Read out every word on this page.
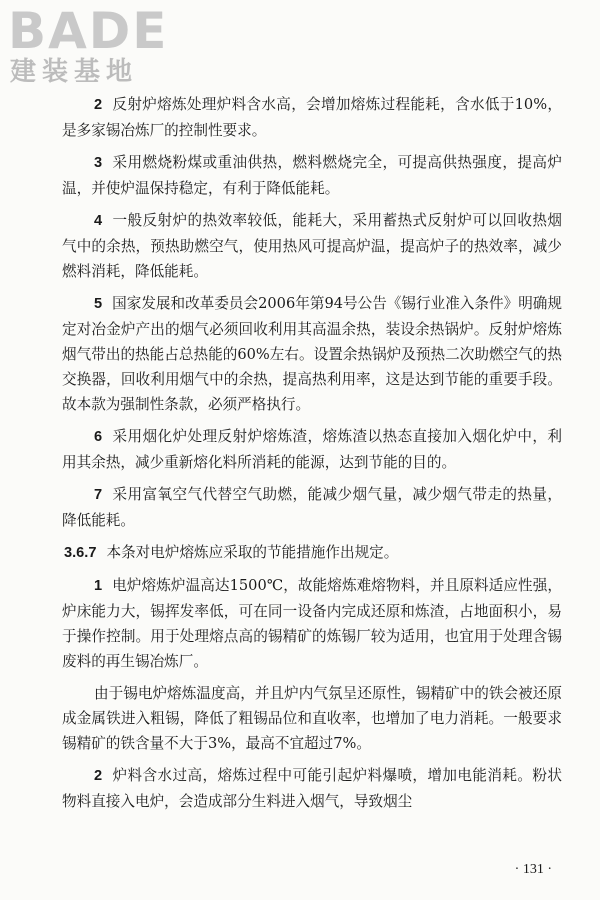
BADE
建装基地

2 反射炉熔炼处理炉料含水高，会增加熔炼过程能耗，含水低于10%，是多家锡冶炼厂的控制性要求。

3 采用燃烧粉煤或重油供热，燃料燃烧完全，可提高供热强度，提高炉温，并使炉温保持稳定，有利于降低能耗。

4 一般反射炉的热效率较低，能耗大，采用蓄热式反射炉可以回收热烟气中的余热，预热助燃空气，使用热风可提高炉温，提高炉子的热效率，减少燃料消耗，降低能耗。

5 国家发展和改革委员会2006年第94号公告《锡行业准入条件》明确规定对冶金炉产出的烟气必须回收利用其高温余热，装设余热锅炉。反射炉熔炼烟气带出的热能占总热能的60%左右。设置余热锅炉及预热二次助燃空气的热交换器，回收利用烟气中的余热，提高热利用率，这是达到节能的重要手段。故本款为强制性条款，必须严格执行。

6 采用烟化炉处理反射炉熔炼渣，熔炼渣以热态直接加入烟化炉中，利用其余热，减少重新熔化料所消耗的能源，达到节能的目的。

7 采用富氧空气代替空气助燃，能减少烟气量，减少烟气带走的热量，降低能耗。

3.6.7 本条对电炉熔炼应采取的节能措施作出规定。

1 电炉熔炼炉温高达1500℃，故能熔炼难熔物料，并且原料适应性强，炉床能力大，锡挥发率低，可在同一设备内完成还原和炼渣，占地面积小，易于操作控制。用于处理熔点高的锡精矿的炼锡厂较为适用，也宜用于处理含锡废料的再生锡冶炼厂。

由于锡电炉熔炼温度高，并且炉内气氛呈还原性，锡精矿中的铁会被还原成金属铁进入粗锡，降低了粗锡品位和直收率，也增加了电力消耗。一般要求锡精矿的铁含量不大于3%，最高不宜超过7%。

2 炉料含水过高，熔炼过程中可能引起炉料爆喷，增加电能消耗。粉状物料直接入电炉，会造成部分生料进入烟气，导致烟尘

· 131 ·
